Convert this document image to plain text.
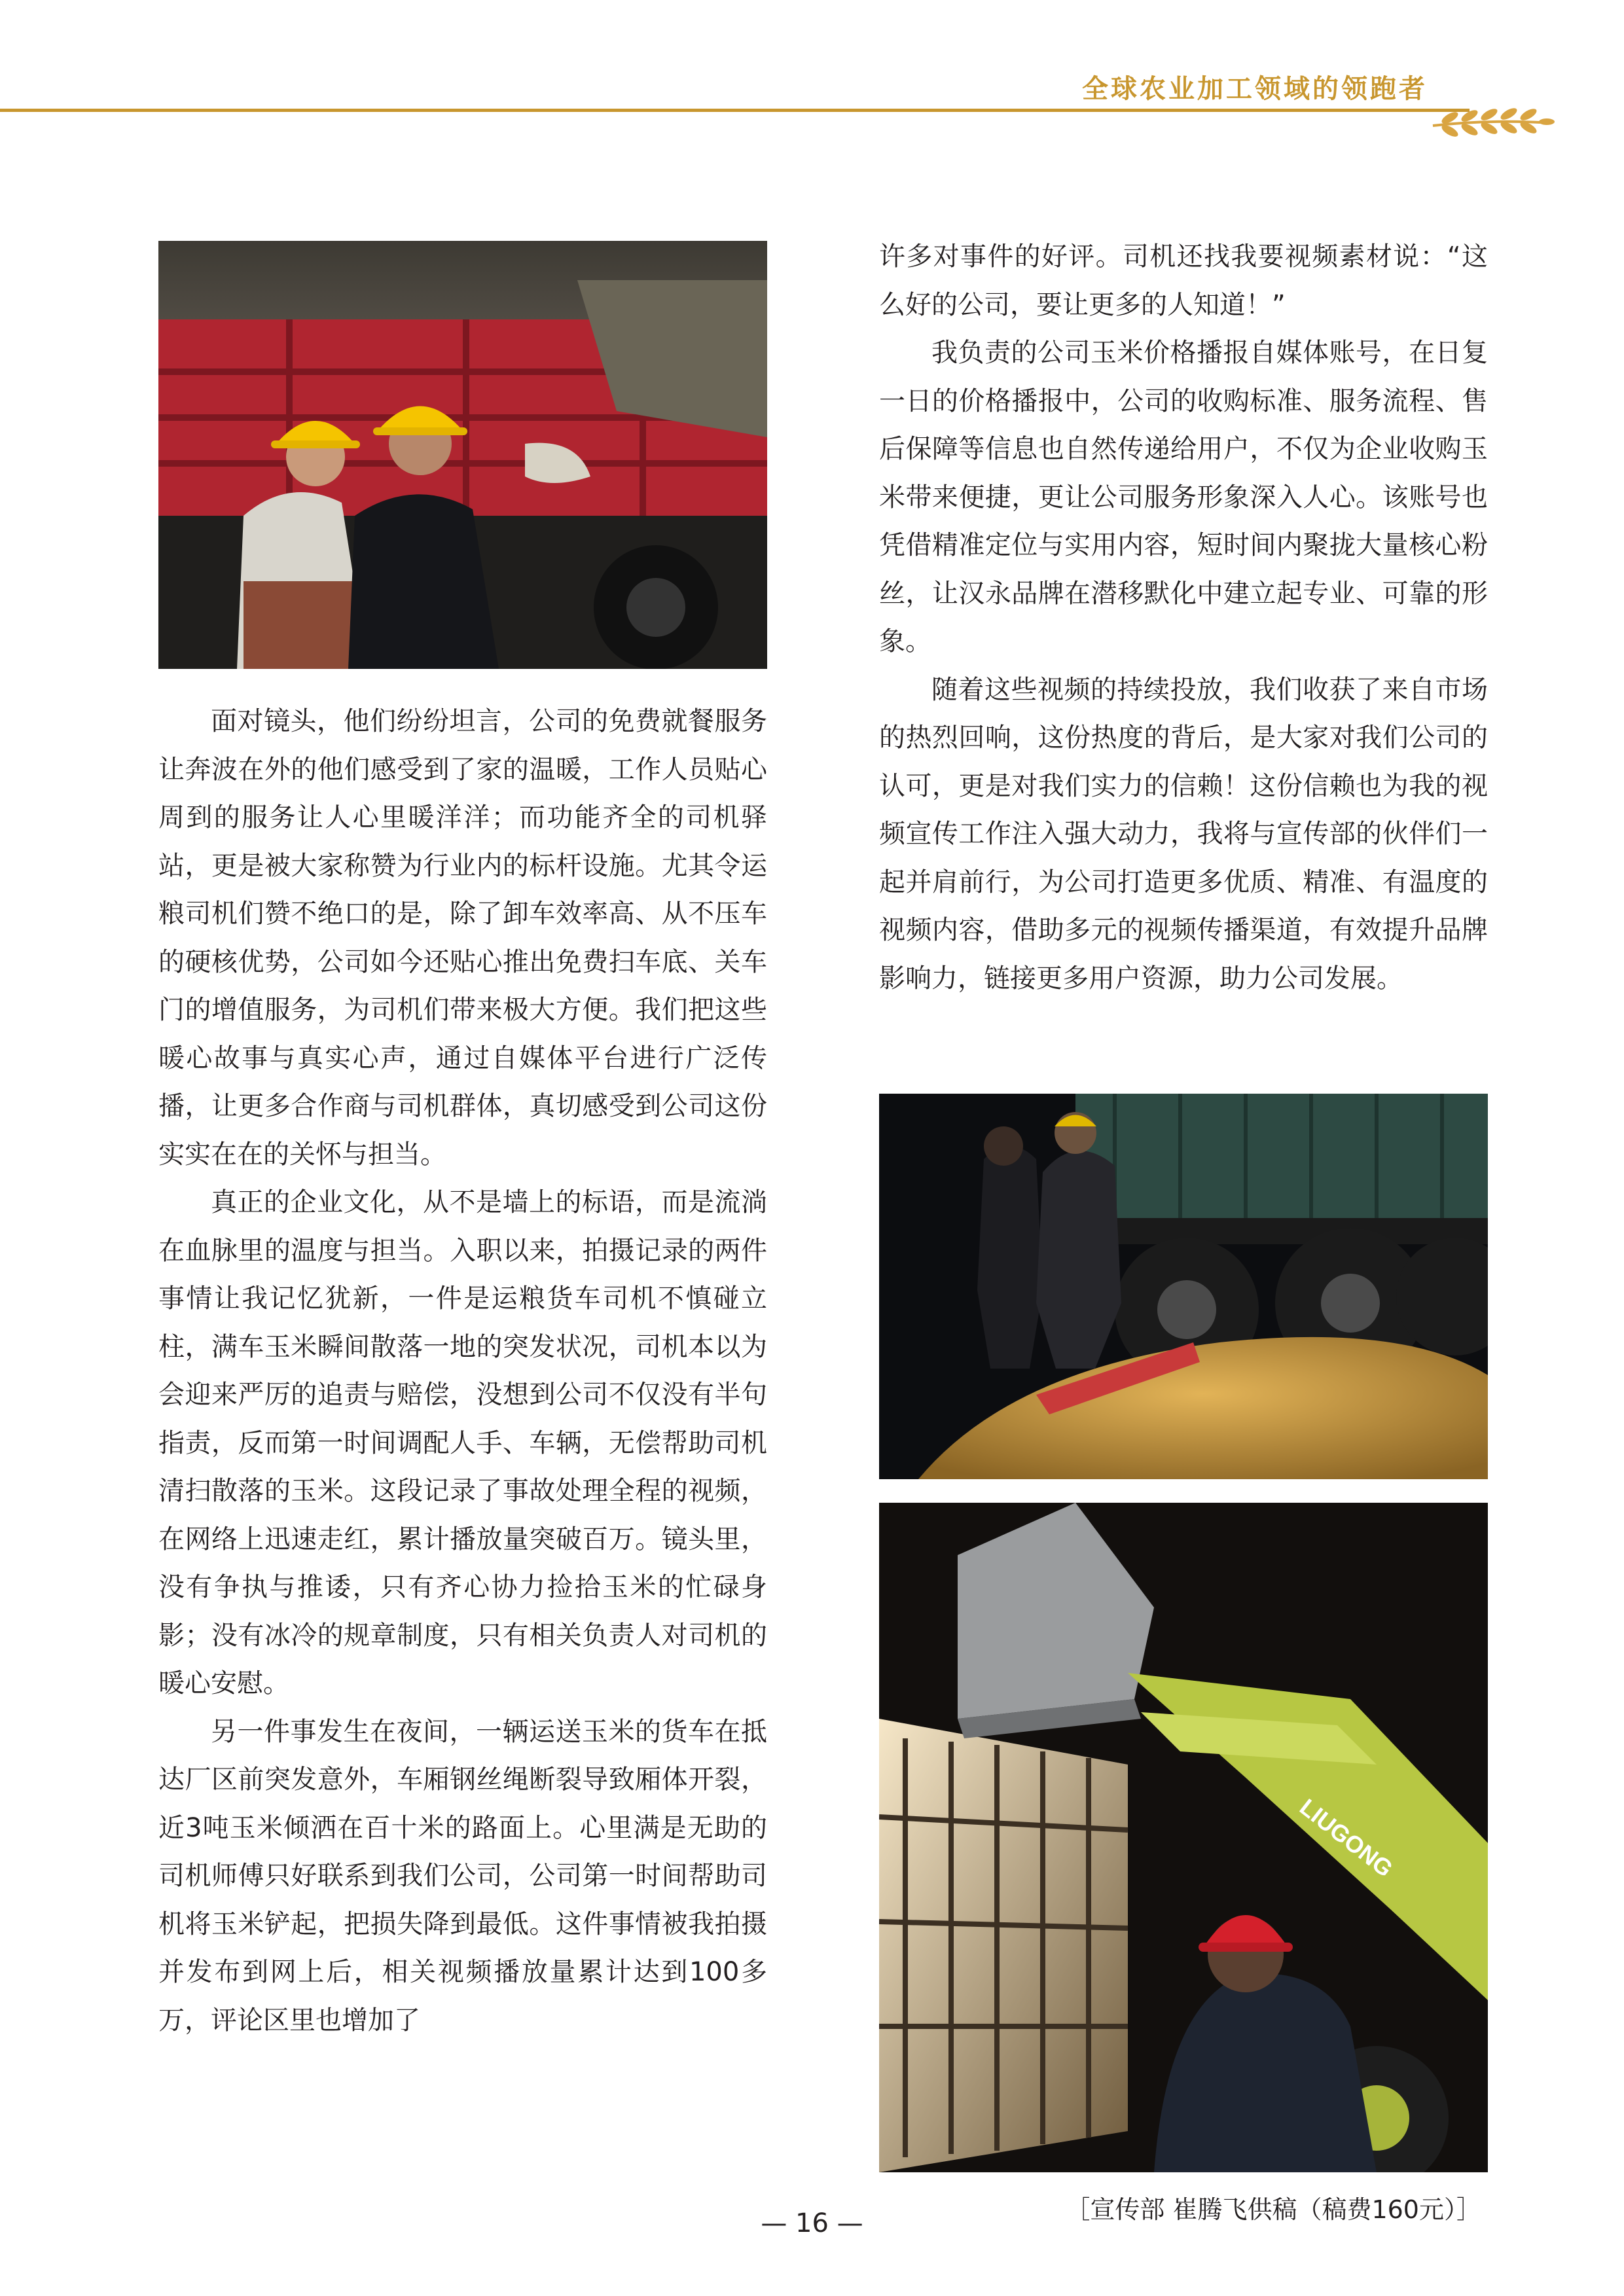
全球农业加工领域的领跑者
LIUGONG

面对镜头，他们纷纷坦言，公司的免费就餐服务让奔波在外的他们感受到了家的温暖，工作人员贴心周到的服务让人心里暖洋洋；而功能齐全的司机驿站，更是被大家称赞为行业内的标杆设施。尤其令运粮司机们赞不绝口的是，除了卸车效率高、从不压车的硬核优势，公司如今还贴心推出免费扫车底、关车门的增值服务，为司机们带来极大方便。我们把这些暖心故事与真实心声，通过自媒体平台进行广泛传播，让更多合作商与司机群体，真切感受到公司这份实实在在的关怀与担当。

真正的企业文化，从不是墙上的标语，而是流淌在血脉里的温度与担当。入职以来，拍摄记录的两件事情让我记忆犹新，一件是运粮货车司机不慎碰立柱，满车玉米瞬间散落一地的突发状况，司机本以为会迎来严厉的追责与赔偿，没想到公司不仅没有半句指责，反而第一时间调配人手、车辆，无偿帮助司机清扫散落的玉米。这段记录了事故处理全程的视频，在网络上迅速走红，累计播放量突破百万。镜头里，没有争执与推诿，只有齐心协力捡拾玉米的忙碌身影；没有冰冷的规章制度，只有相关负责人对司机的暖心安慰。

另一件事发生在夜间，一辆运送玉米的货车在抵达厂区前突发意外，车厢钢丝绳断裂导致厢体开裂，近3吨玉米倾洒在百十米的路面上。心里满是无助的司机师傅只好联系到我们公司，公司第一时间帮助司机将玉米铲起，把损失降到最低。这件事情被我拍摄并发布到网上后，相关视频播放量累计达到100多万，评论区里也增加了

许多对事件的好评。司机还找我要视频素材说：“这么好的公司，要让更多的人知道！”

我负责的公司玉米价格播报自媒体账号，在日复一日的价格播报中，公司的收购标准、服务流程、售后保障等信息也自然传递给用户，不仅为企业收购玉米带来便捷，更让公司服务形象深入人心。该账号也凭借精准定位与实用内容，短时间内聚拢大量核心粉丝，让汉永品牌在潜移默化中建立起专业、可靠的形象。

随着这些视频的持续投放，我们收获了来自市场的热烈回响，这份热度的背后，是大家对我们公司的认可，更是对我们实力的信赖！这份信赖也为我的视频宣传工作注入强大动力，我将与宣传部的伙伴们一起并肩前行，为公司打造更多优质、精准、有温度的视频内容，借助多元的视频传播渠道，有效提升品牌影响力，链接更多用户资源，助力公司发展。

［宣传部 崔腾飞供稿（稿费160元）］
— 16 —
